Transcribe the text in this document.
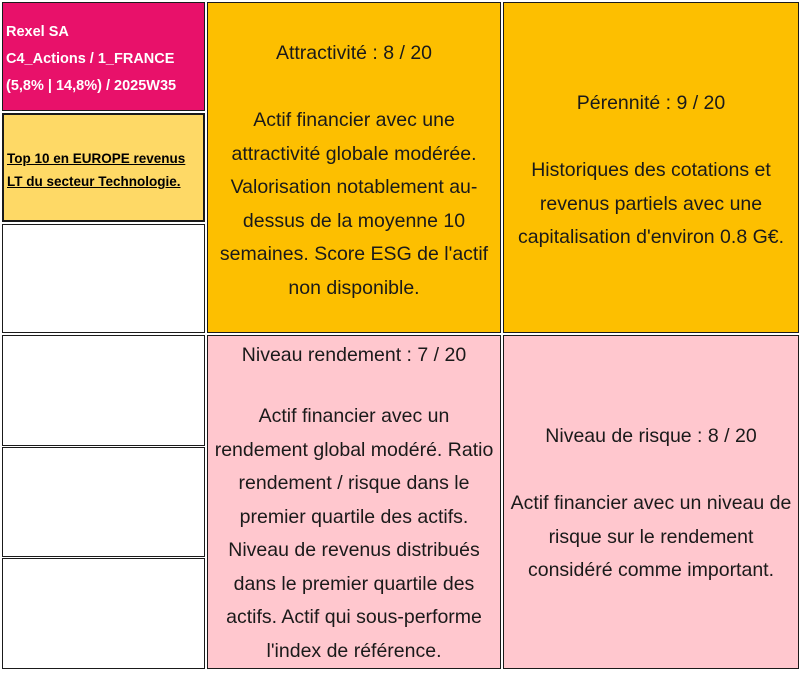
Rexel SA
C4_Actions / 1_FRANCE
(5,8% | 14,8%) / 2025W35
Top 10 en EUROPE revenus
LT du secteur Technologie.
Attractivité : 8 / 20
Actif financier avec une
attractivité globale modérée.
Valorisation notablement au-
dessus de la moyenne 10
semaines. Score ESG de l'actif
non disponible.
Pérennité : 9 / 20
Historiques des cotations et
revenus partiels avec une
capitalisation d'environ 0.8 G€.
Niveau rendement : 7 / 20
Actif financier avec un
rendement global modéré. Ratio
rendement / risque dans le
premier quartile des actifs.
Niveau de revenus distribués
dans le premier quartile des
actifs. Actif qui sous-performe
l'index de référence.
Niveau de risque : 8 / 20
Actif financier avec un niveau de
risque sur le rendement
considéré comme important.
